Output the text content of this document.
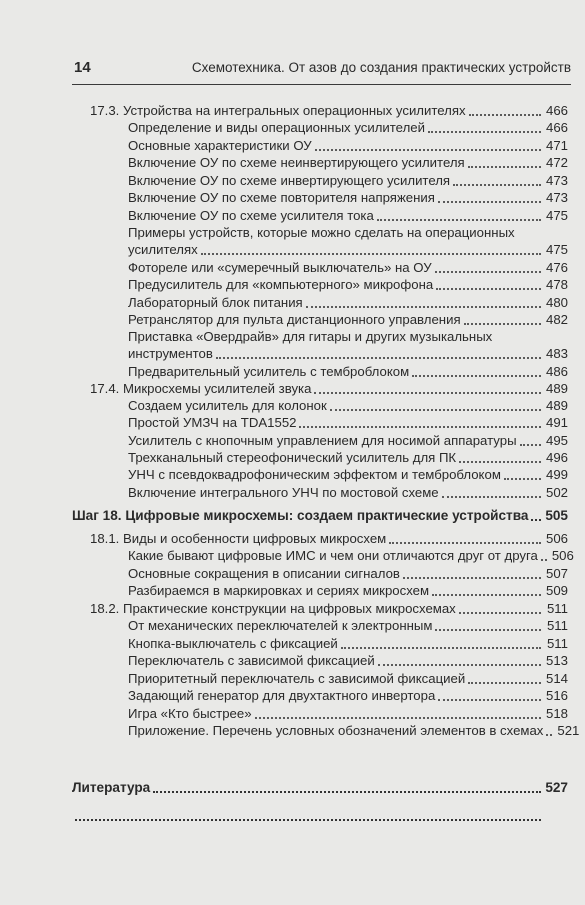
14	Схемотехника. От азов до создания практических устройств
17.3. Устройства на интегральных операционных усилителях	466
Определение и виды операционных усилителей	466
Основные характеристики ОУ	471
Включение ОУ по схеме неинвертирующего усилителя	472
Включение ОУ по схеме инвертирующего усилителя	473
Включение ОУ по схеме повторителя напряжения	473
Включение ОУ по схеме усилителя тока	475
Примеры устройств, которые можно сделать на операционных
усилителях	475
Фотореле или «сумеречный выключатель» на ОУ	476
Предусилитель для «компьютерного» микрофона	478
Лабораторный блок питания	480
Ретранслятор для пульта дистанционного управления	482
Приставка «Овердрайв» для гитары и других музыкальных
инструментов	483
Предварительный усилитель с темброблоком	486
17.4. Микросхемы усилителей звука	489
Создаем усилитель для колонок	489
Простой УМЗЧ на TDA1552	491
Усилитель с кнопочным управлением для носимой аппаратуры 495
Трехканальный стереофонический усилитель для ПК	496
УНЧ с псевдоквадрофоническим эффектом и темброблоком	499
Включение интегрального УНЧ по мостовой схеме	502
Шаг 18. Цифровые микросхемы: создаем практические устройства 505
18.1. Виды и особенности цифровых микросхем	506
Какие бывают цифровые ИМС и чем они отличаются друг от друга 506
Основные сокращения в описании сигналов	507
Разбираемся в маркировках и сериях микросхем	509
18.2. Практические конструкции на цифровых микросхемах	511
От механических переключателей к электронным	511
Кнопка-выключатель с фиксацией	511
Переключатель с зависимой фиксацией	513
Приоритетный переключатель с зависимой фиксацией	514
Задающий генератор для двухтактного инвертора	516
Игра «Кто быстрее»	518
Приложение. Перечень условных обозначений элементов в схемах 521
Литература	527
